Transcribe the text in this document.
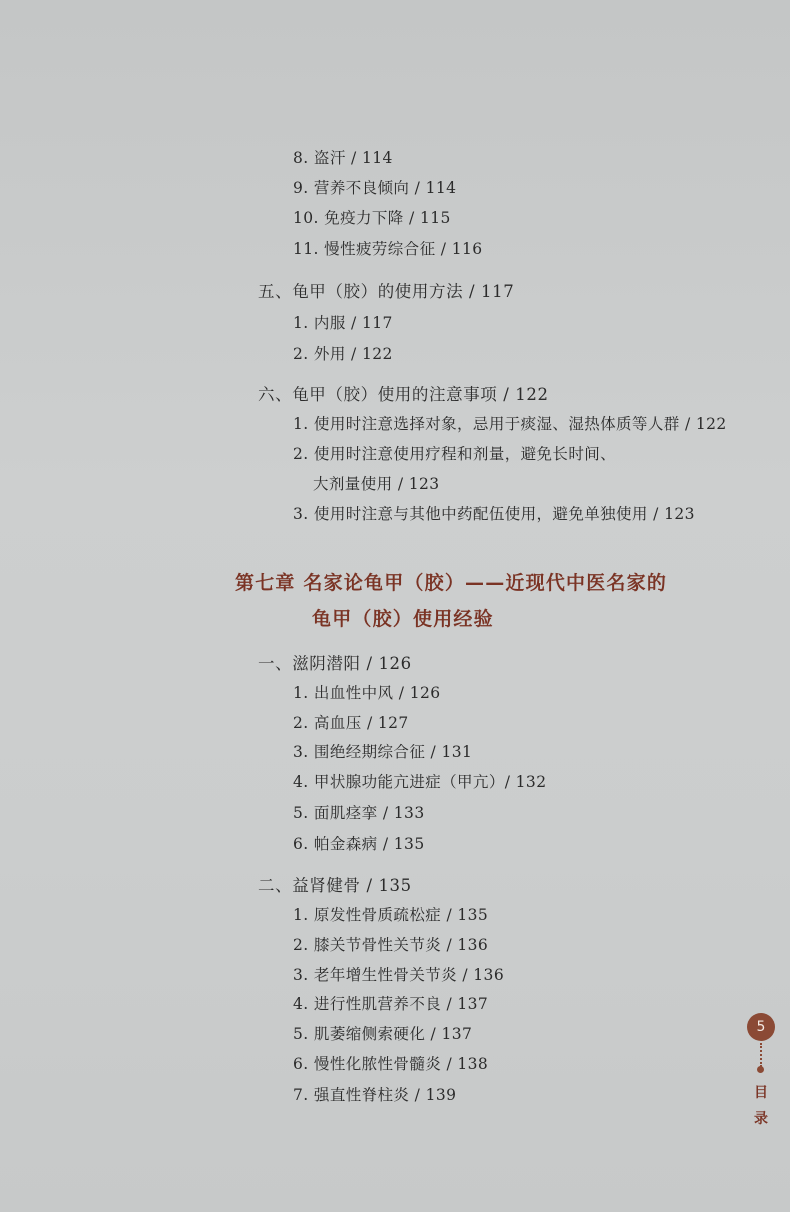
8. 盗汗 / 114
9. 营养不良倾向 / 114
10. 免疫力下降 / 115
11. 慢性疲劳综合征 / 116
五、龟甲（胶）的使用方法 / 117
1. 内服 / 117
2. 外用 / 122
六、龟甲（胶）使用的注意事项 / 122
1. 使用时注意选择对象，忌用于痰湿、湿热体质等人群 / 122
2. 使用时注意使用疗程和剂量，避免长时间、
大剂量使用 / 123
3. 使用时注意与其他中药配伍使用，避免单独使用 / 123
第七章 名家论龟甲（胶）——近现代中医名家的
龟甲（胶）使用经验
一、滋阴潜阳 / 126
1. 出血性中风 / 126
2. 高血压 / 127
3. 围绝经期综合征 / 131
4. 甲状腺功能亢进症（甲亢）/ 132
5. 面肌痉挛 / 133
6. 帕金森病 / 135
二、益肾健骨 / 135
1. 原发性骨质疏松症 / 135
2. 膝关节骨性关节炎 / 136
3. 老年增生性骨关节炎 / 136
4. 进行性肌营养不良 / 137
5. 肌萎缩侧索硬化 / 137
6. 慢性化脓性骨髓炎 / 138
7. 强直性脊柱炎 / 139
5
目
录
